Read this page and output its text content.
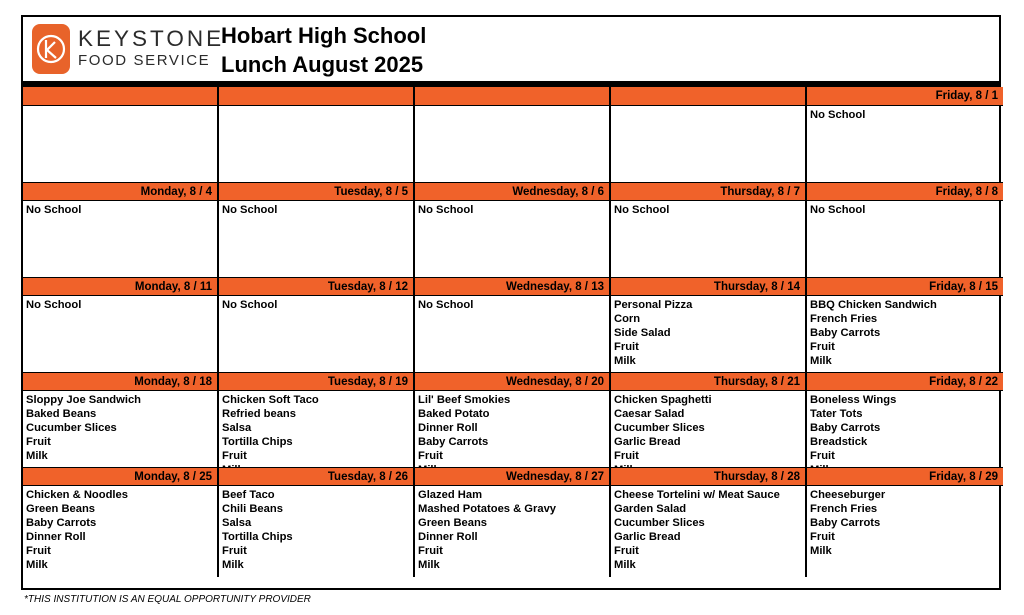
KEYSTONE
FOOD SERVICE
Hobart High School
Lunch August 2025
Friday, 8 / 1
No School
Monday, 8 / 4
No School
Tuesday, 8 / 5
No School
Wednesday, 8 / 6
No School
Thursday, 8 / 7
No School
Friday, 8 / 8
No School
Monday, 8 / 11
No School
Tuesday, 8 / 12
No School
Wednesday, 8 / 13
No School
Thursday, 8 / 14
Personal Pizza
Corn
Side Salad
Fruit
Milk
Friday, 8 / 15
BBQ Chicken Sandwich
French Fries
Baby Carrots
Fruit
Milk
Monday, 8 / 18
Sloppy Joe Sandwich
Baked Beans
Cucumber Slices
Fruit
Milk
Tuesday, 8 / 19
Chicken Soft Taco
Refried beans
Salsa
Tortilla Chips
Fruit
Wednesday, 8 / 20
Lil' Beef Smokies
Baked Potato
Dinner Roll
Baby Carrots
Fruit
Thursday, 8 / 21
Chicken Spaghetti
Caesar Salad
Cucumber Slices
Garlic Bread
Fruit
Friday, 8 / 22
Boneless Wings
Tater Tots
Baby Carrots
Breadstick
Fruit
Monday, 8 / 25
Chicken & Noodles
Green Beans
Baby Carrots
Dinner Roll
Fruit
Milk
Tuesday, 8 / 26
Beef Taco
Chili Beans
Salsa
Tortilla Chips
Fruit
Milk
Wednesday, 8 / 27
Glazed Ham
Mashed Potatoes & Gravy
Green Beans
Dinner Roll
Fruit
Milk
Thursday, 8 / 28
Cheese Tortelini w/ Meat Sauce
Garden Salad
Cucumber Slices
Garlic Bread
Fruit
Milk
Friday, 8 / 29
Cheeseburger
French Fries
Baby Carrots
Fruit
Milk
*THIS INSTITUTION IS AN EQUAL OPPORTUNITY PROVIDER
